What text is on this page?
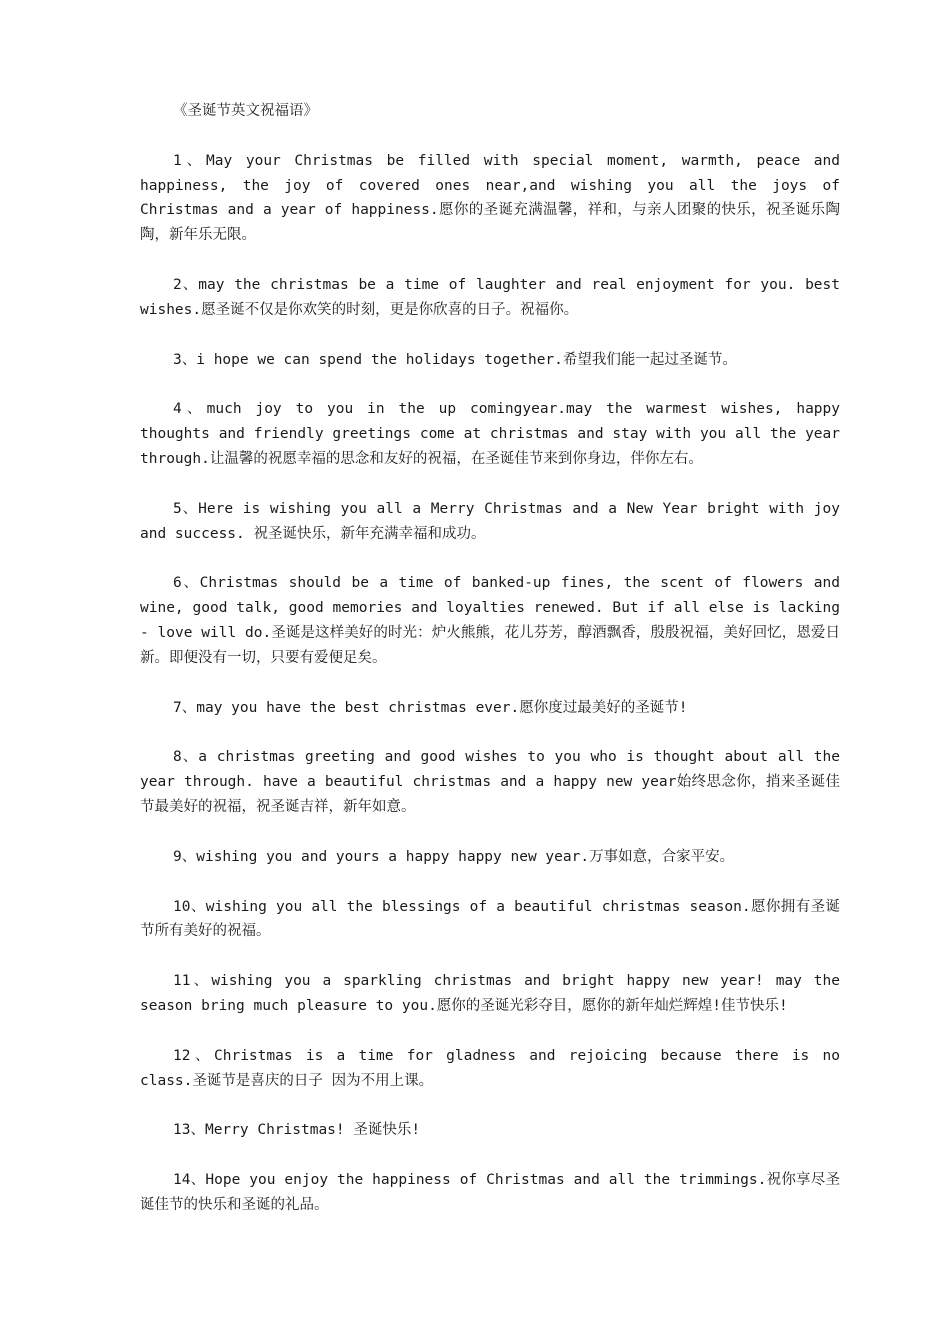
《圣诞节英文祝福语》

1、May your Christmas be filled with special moment, warmth, peace and happiness, the joy of covered ones near,and wishing you all the joys of Christmas and a year of happiness.愿你的圣诞充满温馨，祥和，与亲人团聚的快乐，祝圣诞乐陶陶，新年乐无限。

2、may the christmas be a time of laughter and real enjoyment for you. best wishes.愿圣诞不仅是你欢笑的时刻，更是你欣喜的日子。祝福你。

3、i hope we can spend the holidays together.希望我们能一起过圣诞节。

4、much joy to you in the up comingyear.may the warmest wishes, happy thoughts and friendly greetings come at christmas and stay with you all the year through.让温馨的祝愿幸福的思念和友好的祝福，在圣诞佳节来到你身边，伴你左右。

5、Here is wishing you all a Merry Christmas and a New Year bright with joy and success. 祝圣诞快乐，新年充满幸福和成功。

6、Christmas should be a time of banked-up fines, the scent of flowers and wine, good talk, good memories and loyalties renewed. But if all else is lacking - love will do.圣诞是这样美好的时光：炉火熊熊，花儿芬芳，醇酒飘香，殷殷祝福，美好回忆，恩爱日新。即便没有一切，只要有爱便足矣。

7、may you have the best christmas ever.愿你度过最美好的圣诞节!

8、a christmas greeting and good wishes to you who is thought about all the year through. have a beautiful christmas and a happy new year始终思念你，捎来圣诞佳节最美好的祝福，祝圣诞吉祥，新年如意。

9、wishing you and yours a happy happy new year.万事如意，合家平安。

10、wishing you all the blessings of a beautiful christmas season.愿你拥有圣诞节所有美好的祝福。

11、wishing you a sparkling christmas and bright happy new year! may the season bring much pleasure to you.愿你的圣诞光彩夺目，愿你的新年灿烂辉煌!佳节快乐!

12、Christmas is a time for gladness and rejoicing because there is no class.圣诞节是喜庆的日子 因为不用上课。

13、Merry Christmas! 圣诞快乐!

14、Hope you enjoy the happiness of Christmas and all the trimmings.祝你享尽圣诞佳节的快乐和圣诞的礼品。
